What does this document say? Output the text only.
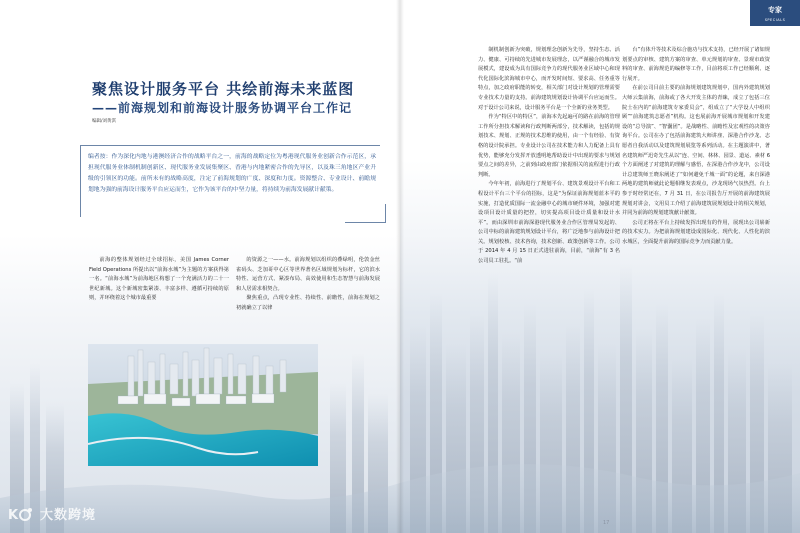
聚焦设计服务平台 共绘前海未来蓝图
——前海规划和前海设计服务协调平台工作记
编辑/刘黄淇

编者按：作为深化内地与港澳经济合作的战略平台之一，前海的战略定位为粤港现代服务业创新合作示范区，承担现代服务业体制机制创新区、现代服务业发展集聚区、香港与内地紧密合作的先导区，以及珠三角地区产业升级的引领区的功能。前所未有的战略高度，注定了前海规划的广度、深度和力度。资源整合、专业设计、前瞻规划地为强的前海设计服务平台应运而生，它作为该平台的中坚力量，将持续为前海发展献计献策。

前海的整体规划经过全球招标，美国 James Corner Field Operations 所提出以“前海水城”为主题的方案获得第一名。“前海水城”为前海地区构想了一个充满活力的二十一世纪新城。这个新城密集紧凑、丰富多样、遵循可持续的原则，并环绕着这个城市最重要

的资源之一——水。前海规划以组织的叠绿明，伦敦金丝雀码头、芝加哥中心区等世界著名区域规划为标杆，它的滨水特性、运营方式、紧凑布局、高效使用和生态智慧与前海发展和人居需求相契合。

聚焦重点，凸现专业性、持续性、前瞻性，前海在规划之初就确立了以律

制机制创新为突破，规划理念创新为先导，坚持生态、活力、健康、可持续的先进城市发展理念，以严谨融合的城市发展模式，建设成为具有国际竞争力的现代服务业区域中心和现代化国际化滨海城市中心，而开发时间短、要求高、任务重等特点，加之政府职能的转变，相关部门对设计规划的管理需要专业技术力量的支持。前海建筑规划设计协调平台应运而生。对于设计公司来说，设计服务平台是一个全新的业务类型。

作为“特区中的特区”，前海本先起遍可的路在前海的管理工作所分担技术解读和行政判断两部分，技术解读，包括的规划技术、规划、正规的技术思维的使用，由一个有经验、有资格的设计院承担。专业设计公司在技术能力和人力配备上具有优势，能够充分发挥开放透明地帮助设计中出现的要求与规划要点之间的差异，之前到由政府部门依据相关的流程进行行政判断。

今年年初，前海进行了规划平台、建筑景观设计平台和工程设计平台三个平台的招标，这是“为保证前海规划蓝本平的实施，打造优质国际一流金融中心的城市硬件环境，加强对建设项目设计质量的把控，切实提高项目设计质量和设计水平”。而由深圳市前海深港现代服务业合作区管理局发起的、公司中标的前海建筑规划设计平台，将广泛地参与前海设计把关。规划校核、技术咨询，技术创新、政策创新等工作。公司于 2014 年 4 月 15 日正式进驻前海，目前，“前海”有 3 名公司员工驻扎。“前

台”有体升等技术及综合施功与技术支持，已经开展了诸如规划要点的审核、建筑方案的审查、单元规划的审查、景观市政资料的审查、前海规范的编修等工作，目前将项工作已经顺利、逐行展开。

在前公司目前主要的前海规划建筑规划中，国内外建筑规划大师云集前海，前海或了各大开发主体的青睐，成立了包括三位院士在内的“前海建筑专家委员会”，组成立了“大学设人中组织顾”“前海建筑志愿者”机构。这也展前海开展城市规划和开发建设的“总导演”、“智囊团”。是战略性、前瞻性及宏观性的决策咨询平台。公司在办了包括前海建筑大师讲座、深港合作沙龙、志愿者自我活动以及建筑规划展览等系列活动。在主题演讲中，著名建筑师严迅奇先生从以“连、空间、林林、园景、道运、素材 6 个方面阐述了对建筑的理解与感悟，在深港合作沙龙中，公司设计总建筑师王晓东阐述了“如何避免千城一面”的论题，来自深港两地的建筑师就此论题相继发表观点，沙龙现场气氛热烈。台上参于时经常还在，7 月 31 日，在公司报告厅开展的前海建筑展规划对讲会，文用员工介绍了前海建筑展规划设计的相关规划，并同为前海的规划建筑献计献策。

公司正将在平台上持续发挥出现有的作用，展现出公司崭新的技术实力。为把前海规划建设成国际化、现代化、人性化的滨水城区，全面提升前海的国际竞争力而贡献力量。

专家
SPECIALS
17
K 大数跨境
